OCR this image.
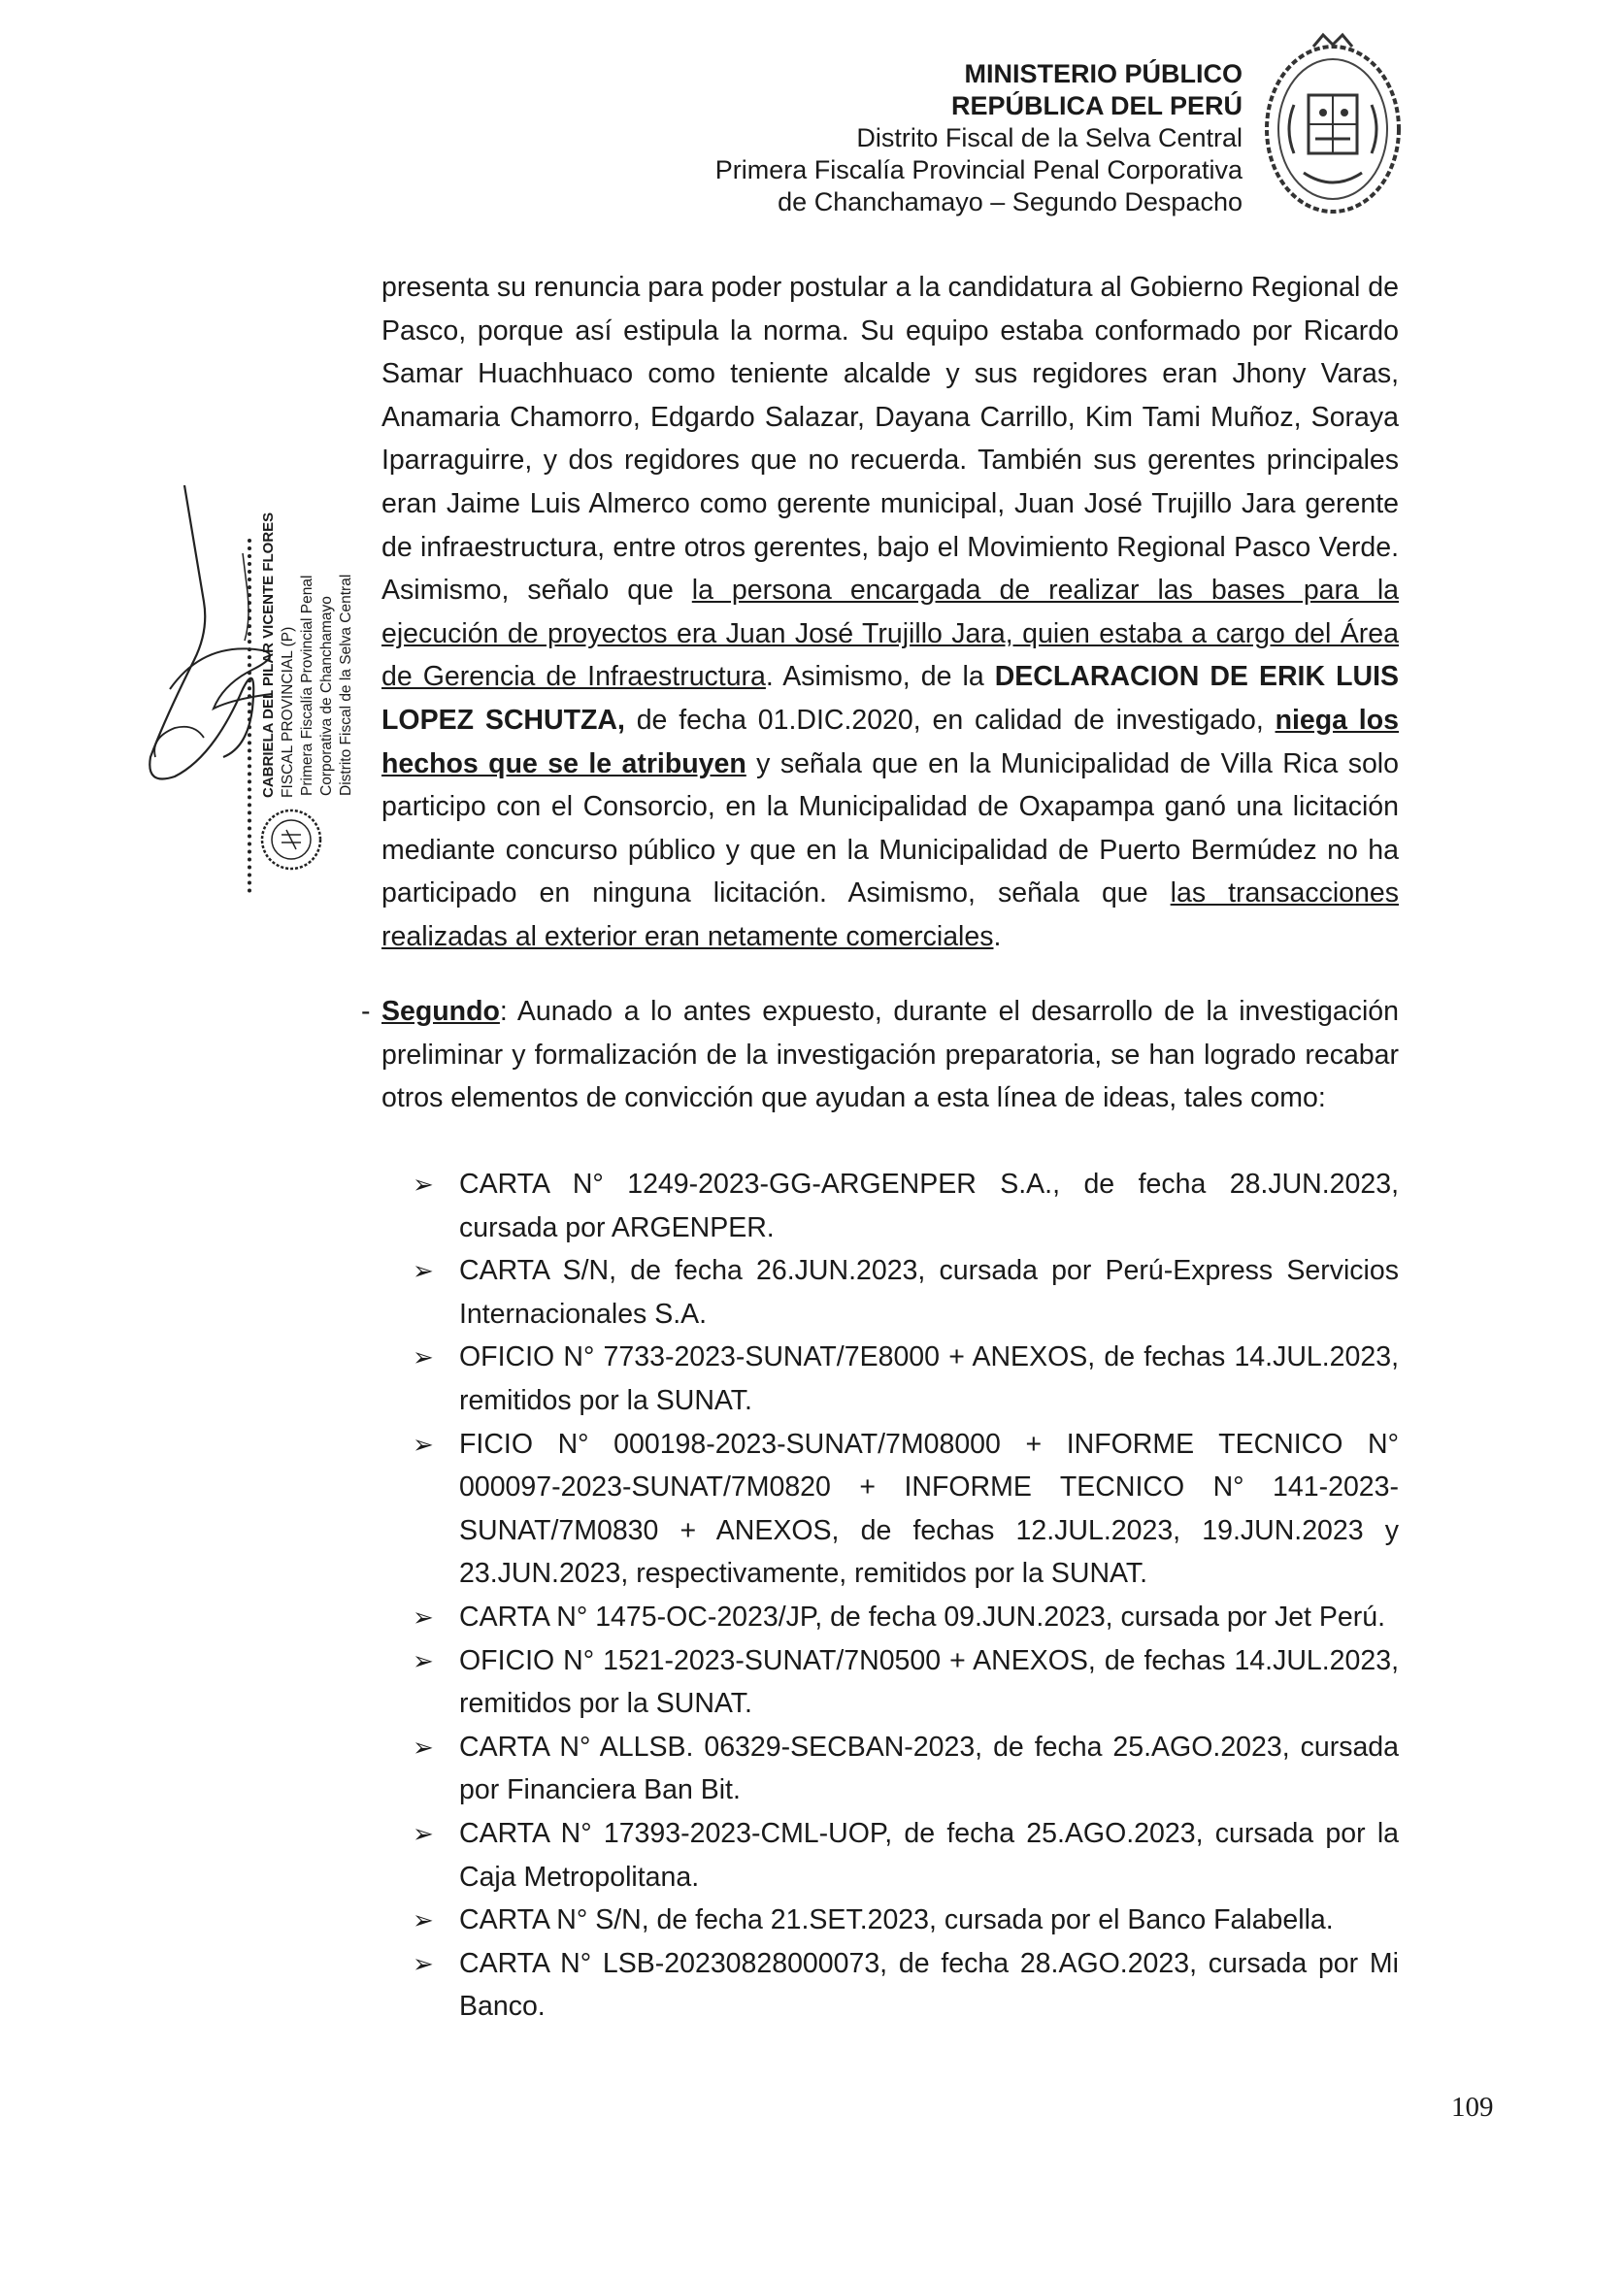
MINISTERIO PÚBLICO
REPÚBLICA DEL PERÚ
Distrito Fiscal de la Selva Central
Primera Fiscalía Provincial Penal Corporativa
de Chanchamayo – Segundo Despacho
CABRIELA DEL PILAR VICENTE FLORES FISCAL PROVINCIAL (P) Primera Fiscalía Provincial Penal Corporativa de Chanchamayo Distrito Fiscal de la Selva Central

presenta su renuncia para poder postular a la candidatura al Gobierno Regional de Pasco, porque así estipula la norma. Su equipo estaba conformado por Ricardo Samar Huachhuaco como teniente alcalde y sus regidores eran Jhony Varas, Anamaria Chamorro, Edgardo Salazar, Dayana Carrillo, Kim Tami Muñoz, Soraya Iparraguirre, y dos regidores que no recuerda. También sus gerentes principales eran Jaime Luis Almerco como gerente municipal, Juan José Trujillo Jara gerente de infraestructura, entre otros gerentes, bajo el Movimiento Regional Pasco Verde. Asimismo, señalo que la persona encargada de realizar las bases para la ejecución de proyectos era Juan José Trujillo Jara, quien estaba a cargo del Área de Gerencia de Infraestructura. Asimismo, de la DECLARACION DE ERIK LUIS LOPEZ SCHUTZA, de fecha 01.DIC.2020, en calidad de investigado, niega los hechos que se le atribuyen y señala que en la Municipalidad de Villa Rica solo participo con el Consorcio, en la Municipalidad de Oxapampa ganó una licitación mediante concurso público y que en la Municipalidad de Puerto Bermúdez no ha participado en ninguna licitación. Asimismo, señala que las transacciones realizadas al exterior eran netamente comerciales.

- Segundo: Aunado a lo antes expuesto, durante el desarrollo de la investigación preliminar y formalización de la investigación preparatoria, se han logrado recabar otros elementos de convicción que ayudan a esta línea de ideas, tales como:
➢ CARTA N° 1249-2023-GG-ARGENPER S.A., de fecha 28.JUN.2023, cursada por ARGENPER.
➢ CARTA S/N, de fecha 26.JUN.2023, cursada por Perú-Express Servicios Internacionales S.A.
➢ OFICIO N° 7733-2023-SUNAT/7E8000 + ANEXOS, de fechas 14.JUL.2023, remitidos por la SUNAT.
➢ FICIO N° 000198-2023-SUNAT/7M08000 + INFORME TECNICO N° 000097-2023-SUNAT/7M0820 + INFORME TECNICO N° 141-2023-SUNAT/7M0830 + ANEXOS, de fechas 12.JUL.2023, 19.JUN.2023 y 23.JUN.2023, respectivamente, remitidos por la SUNAT.
➢ CARTA N° 1475-OC-2023/JP, de fecha 09.JUN.2023, cursada por Jet Perú.
➢ OFICIO N° 1521-2023-SUNAT/7N0500 + ANEXOS, de fechas 14.JUL.2023, remitidos por la SUNAT.
➢ CARTA N° ALLSB. 06329-SECBAN-2023, de fecha 25.AGO.2023, cursada por Financiera Ban Bit.
➢ CARTA N° 17393-2023-CML-UOP, de fecha 25.AGO.2023, cursada por la Caja Metropolitana.
➢ CARTA N° S/N, de fecha 21.SET.2023, cursada por el Banco Falabella.
➢ CARTA N° LSB-20230828000073, de fecha 28.AGO.2023, cursada por Mi Banco.
109
